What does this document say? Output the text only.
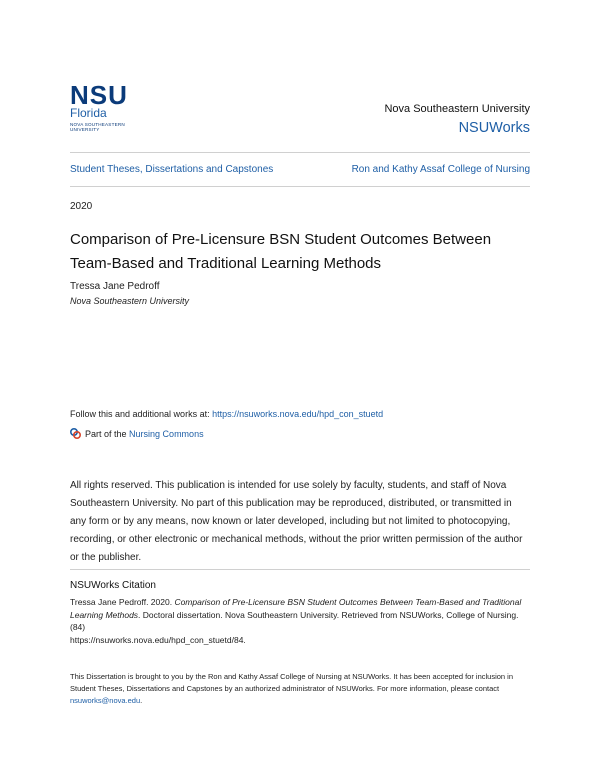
NSU
Florida
NOVA SOUTHEASTERN
UNIVERSITY
Nova Southeastern University
NSUWorks
Student Theses, Dissertations and Capstones	Ron and Kathy Assaf College of Nursing
2020
Comparison of Pre-Licensure BSN Student Outcomes Between Team-Based and Traditional Learning Methods
Tressa Jane Pedroff
Nova Southeastern University
Follow this and additional works at: https://nsuworks.nova.edu/hpd_con_stuetd
Part of the
Nursing Commons
All rights reserved. This publication is intended for use solely by faculty, students, and staff of Nova Southeastern University. No part of this publication may be reproduced, distributed, or transmitted in any form or by any means, now known or later developed, including but not limited to photocopying, recording, or other electronic or mechanical methods, without the prior written permission of the author or the publisher.
NSUWorks Citation
Tressa Jane Pedroff. 2020. Comparison of Pre-Licensure BSN Student Outcomes Between Team-Based and Traditional Learning Methods. Doctoral dissertation. Nova Southeastern University. Retrieved from NSUWorks, College of Nursing. (84)
https://nsuworks.nova.edu/hpd_con_stuetd/84.
This Dissertation is brought to you by the Ron and Kathy Assaf College of Nursing at NSUWorks. It has been accepted for inclusion in Student Theses, Dissertations and Capstones by an authorized administrator of NSUWorks. For more information, please contact nsuworks@nova.edu.
